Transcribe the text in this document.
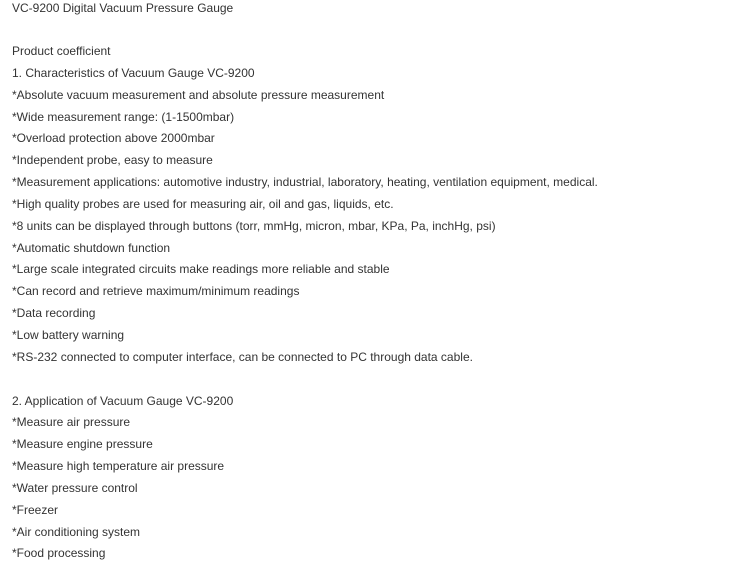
VC-9200 Digital Vacuum Pressure Gauge
Product coefficient
1. Characteristics of Vacuum Gauge VC-9200
*Absolute vacuum measurement and absolute pressure measurement
*Wide measurement range: (1-1500mbar)
*Overload protection above 2000mbar
*Independent probe, easy to measure
*Measurement applications: automotive industry, industrial, laboratory, heating, ventilation equipment, medical.
*High quality probes are used for measuring air, oil and gas, liquids, etc.
*8 units can be displayed through buttons (torr, mmHg, micron, mbar, KPa, Pa, inchHg, psi)
*Automatic shutdown function
*Large scale integrated circuits make readings more reliable and stable
*Can record and retrieve maximum/minimum readings
*Data recording
*Low battery warning
*RS-232 connected to computer interface, can be connected to PC through data cable.
2. Application of Vacuum Gauge VC-9200
*Measure air pressure
*Measure engine pressure
*Measure high temperature air pressure
*Water pressure control
*Freezer
*Air conditioning system
*Food processing
